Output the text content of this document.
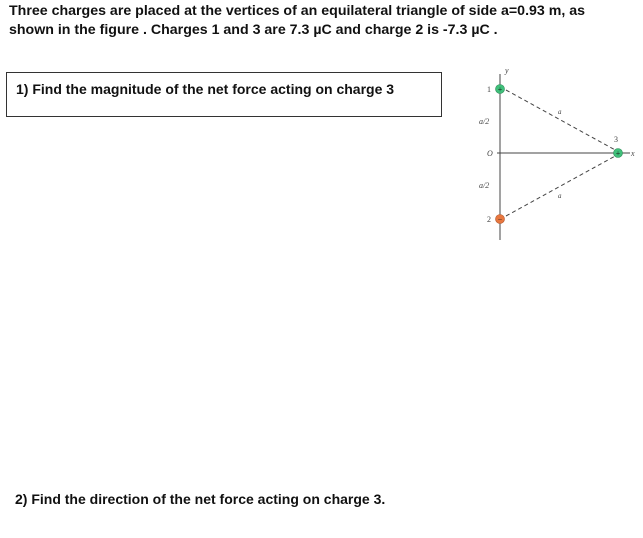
Three charges are placed at the vertices of an equilateral triangle of side a=0.93 m, as
shown in the figure . Charges 1 and 3 are 7.3 µC and charge 2 is -7.3 µC .
1) Find the magnitude of the net force acting on charge 3
y
x
O
a/2
a/2
a
a
1 +
2 −
3
+

2) Find the direction of the net force acting on charge 3.
